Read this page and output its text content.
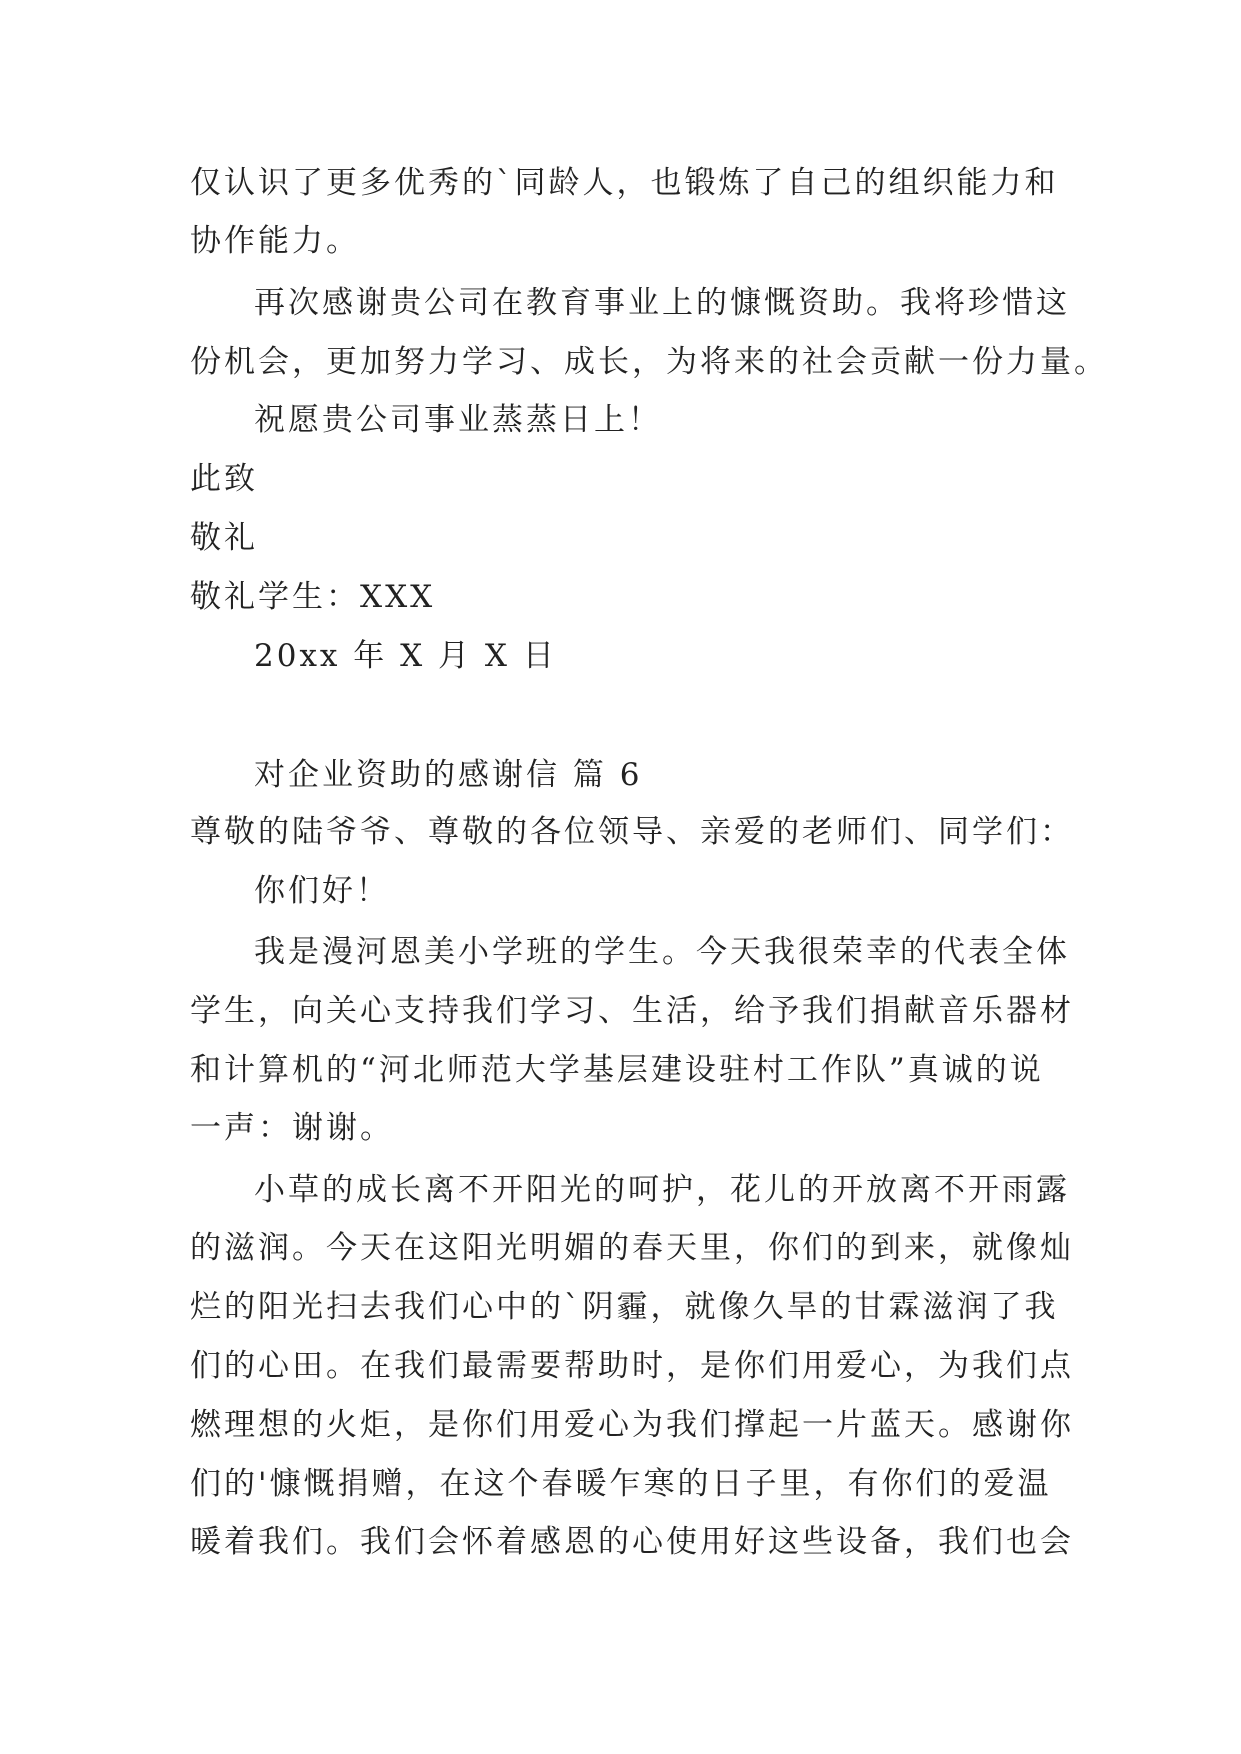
仅认识了更多优秀的`同龄人，也锻炼了自己的组织能力和
协作能力。
再次感谢贵公司在教育事业上的慷慨资助。我将珍惜这
份机会，更加努力学习、成长，为将来的社会贡献一份力量。
祝愿贵公司事业蒸蒸日上！
此致
敬礼
敬礼学生：XXX
20xx 年 X 月 X 日
对企业资助的感谢信 篇 6
尊敬的陆爷爷、尊敬的各位领导、亲爱的老师们、同学们：
你们好！
我是漫河恩美小学班的学生。今天我很荣幸的代表全体
学生，向关心支持我们学习、生活，给予我们捐献音乐器材
和计算机的“河北师范大学基层建设驻村工作队”真诚的说
一声：谢谢。
小草的成长离不开阳光的呵护，花儿的开放离不开雨露
的滋润。今天在这阳光明媚的春天里，你们的到来，就像灿
烂的阳光扫去我们心中的`阴霾，就像久旱的甘霖滋润了我
们的心田。在我们最需要帮助时，是你们用爱心，为我们点
燃理想的火炬，是你们用爱心为我们撑起一片蓝天。感谢你
们的'慷慨捐赠，在这个春暖乍寒的日子里，有你们的爱温
暖着我们。我们会怀着感恩的心使用好这些设备，我们也会
